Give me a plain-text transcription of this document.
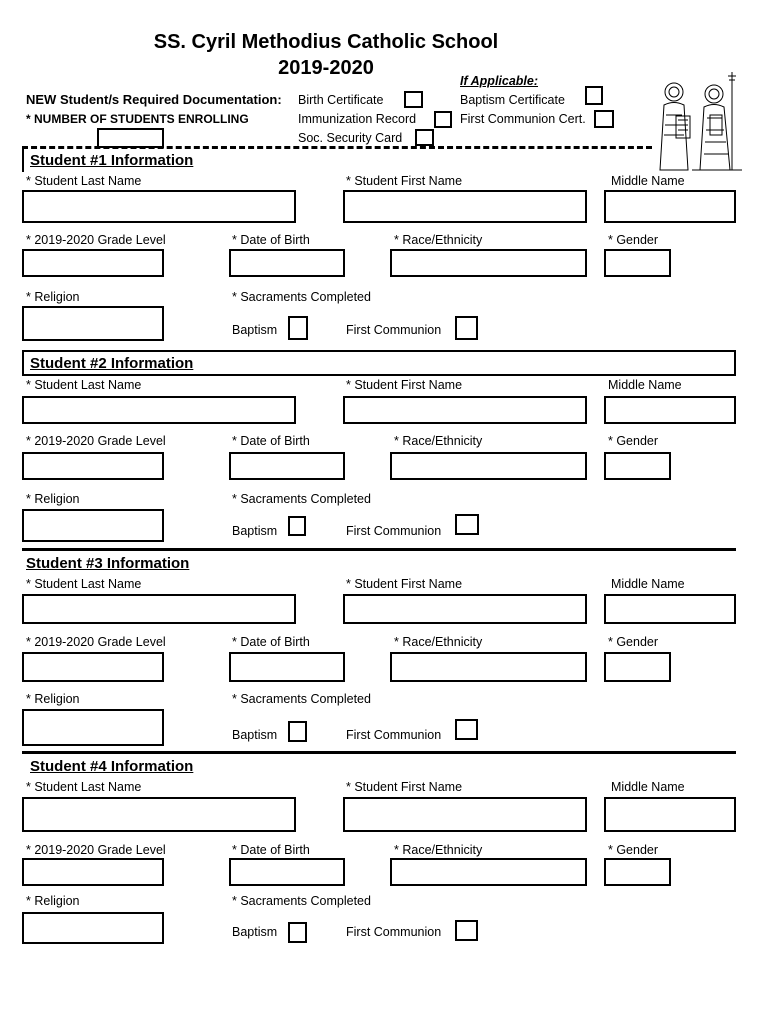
SS. Cyril Methodius Catholic School
2019-2020
If Applicable:
NEW Student/s Required Documentation:
* NUMBER OF STUDENTS ENROLLING
Birth Certificate
Immunization Record
Soc. Security Card
Baptism Certificate
First Communion Cert.
Student #1 Information
* Student Last Name	* Student First Name	Middle Name
* 2019-2020 Grade Level	* Date of Birth	* Race/Ethnicity	* Gender
* Religion	* Sacraments Completed
Baptism	First Communion
Student #2 Information
* Student Last Name	* Student First Name	Middle Name
* 2019-2020 Grade Level	* Date of Birth	* Race/Ethnicity	* Gender
* Religion	* Sacraments Completed
Baptism	First Communion
Student #3 Information
* Student Last Name	* Student First Name	Middle Name
* 2019-2020 Grade Level	* Date of Birth	* Race/Ethnicity	* Gender
* Religion	* Sacraments Completed
Baptism	First Communion
Student #4 Information
* Student Last Name	* Student First Name	Middle Name
* 2019-2020 Grade Level	* Date of Birth	* Race/Ethnicity	* Gender
* Religion	* Sacraments Completed
Baptism	First Communion
